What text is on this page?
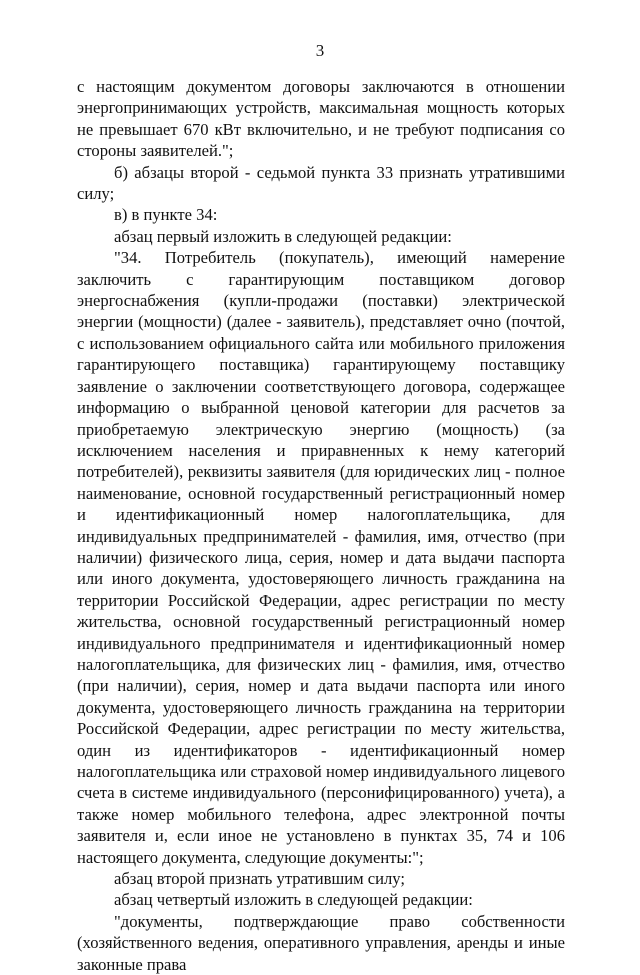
3

с настоящим документом договоры заключаются в отношении энергопринимающих устройств, максимальная мощность которых не превышает 670 кВт включительно, и не требуют подписания со стороны заявителей.";

б) абзацы второй - седьмой пункта 33 признать утратившими силу;

в) в пункте 34:

абзац первый изложить в следующей редакции:

"34. Потребитель (покупатель), имеющий намерение заключить с гарантирующим поставщиком договор энергоснабжения (купли-продажи (поставки) электрической энергии (мощности) (далее - заявитель), представляет очно (почтой, с использованием официального сайта или мобильного приложения гарантирующего поставщика) гарантирующему поставщику заявление о заключении соответствующего договора, содержащее информацию о выбранной ценовой категории для расчетов за приобретаемую электрическую энергию (мощность) (за исключением населения и приравненных к нему категорий потребителей), реквизиты заявителя (для юридических лиц - полное наименование, основной государственный регистрационный номер и идентификационный номер налогоплательщика, для индивидуальных предпринимателей - фамилия, имя, отчество (при наличии) физического лица, серия, номер и дата выдачи паспорта или иного документа, удостоверяющего личность гражданина на территории Российской Федерации, адрес регистрации по месту жительства, основной государственный регистрационный номер индивидуального предпринимателя и идентификационный номер налогоплательщика, для физических лиц - фамилия, имя, отчество (при наличии), серия, номер и дата выдачи паспорта или иного документа, удостоверяющего личность гражданина на территории Российской Федерации, адрес регистрации по месту жительства, один из идентификаторов - идентификационный номер налогоплательщика или страховой номер индивидуального лицевого счета в системе индивидуального (персонифицированного) учета), а также номер мобильного телефона, адрес электронной почты заявителя и, если иное не установлено в пунктах 35, 74 и 106 настоящего документа, следующие документы:";

абзац второй признать утратившим силу;

абзац четвертый изложить в следующей редакции:

"документы, подтверждающие право собственности (хозяйственного ведения, оперативного управления, аренды и иные законные права
